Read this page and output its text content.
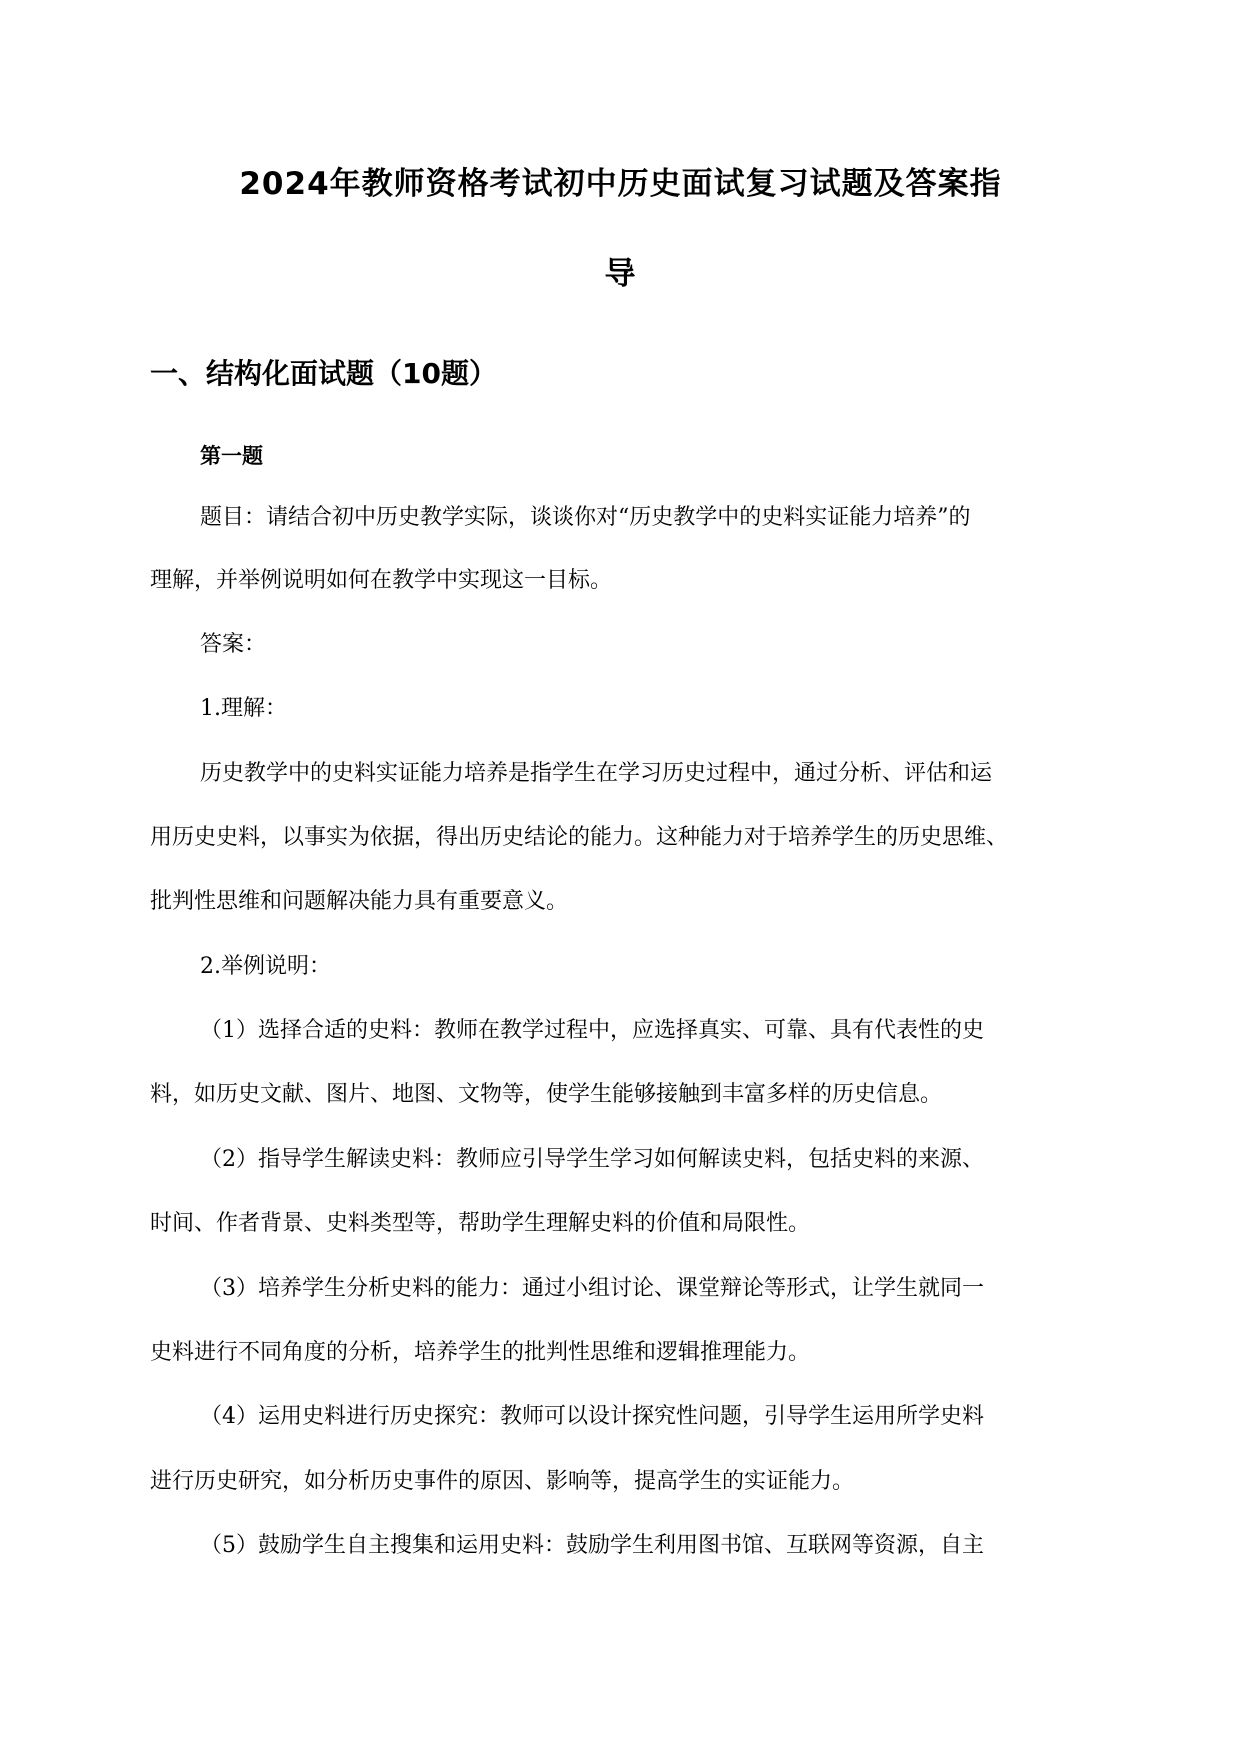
2024年教师资格考试初中历史面试复习试题及答案指
导
一、结构化面试题（10题）
第一题
题目：请结合初中历史教学实际，谈谈你对“历史教学中的史料实证能力培养”的
理解，并举例说明如何在教学中实现这一目标。
答案：
1.理解：
历史教学中的史料实证能力培养是指学生在学习历史过程中，通过分析、评估和运
用历史史料，以事实为依据，得出历史结论的能力。这种能力对于培养学生的历史思维、
批判性思维和问题解决能力具有重要意义。
2.举例说明：
（1）选择合适的史料：教师在教学过程中，应选择真实、可靠、具有代表性的史
料，如历史文献、图片、地图、文物等，使学生能够接触到丰富多样的历史信息。
（2）指导学生解读史料：教师应引导学生学习如何解读史料，包括史料的来源、
时间、作者背景、史料类型等，帮助学生理解史料的价值和局限性。
（3）培养学生分析史料的能力：通过小组讨论、课堂辩论等形式，让学生就同一
史料进行不同角度的分析，培养学生的批判性思维和逻辑推理能力。
（4）运用史料进行历史探究：教师可以设计探究性问题，引导学生运用所学史料
进行历史研究，如分析历史事件的原因、影响等，提高学生的实证能力。
（5）鼓励学生自主搜集和运用史料：鼓励学生利用图书馆、互联网等资源，自主
